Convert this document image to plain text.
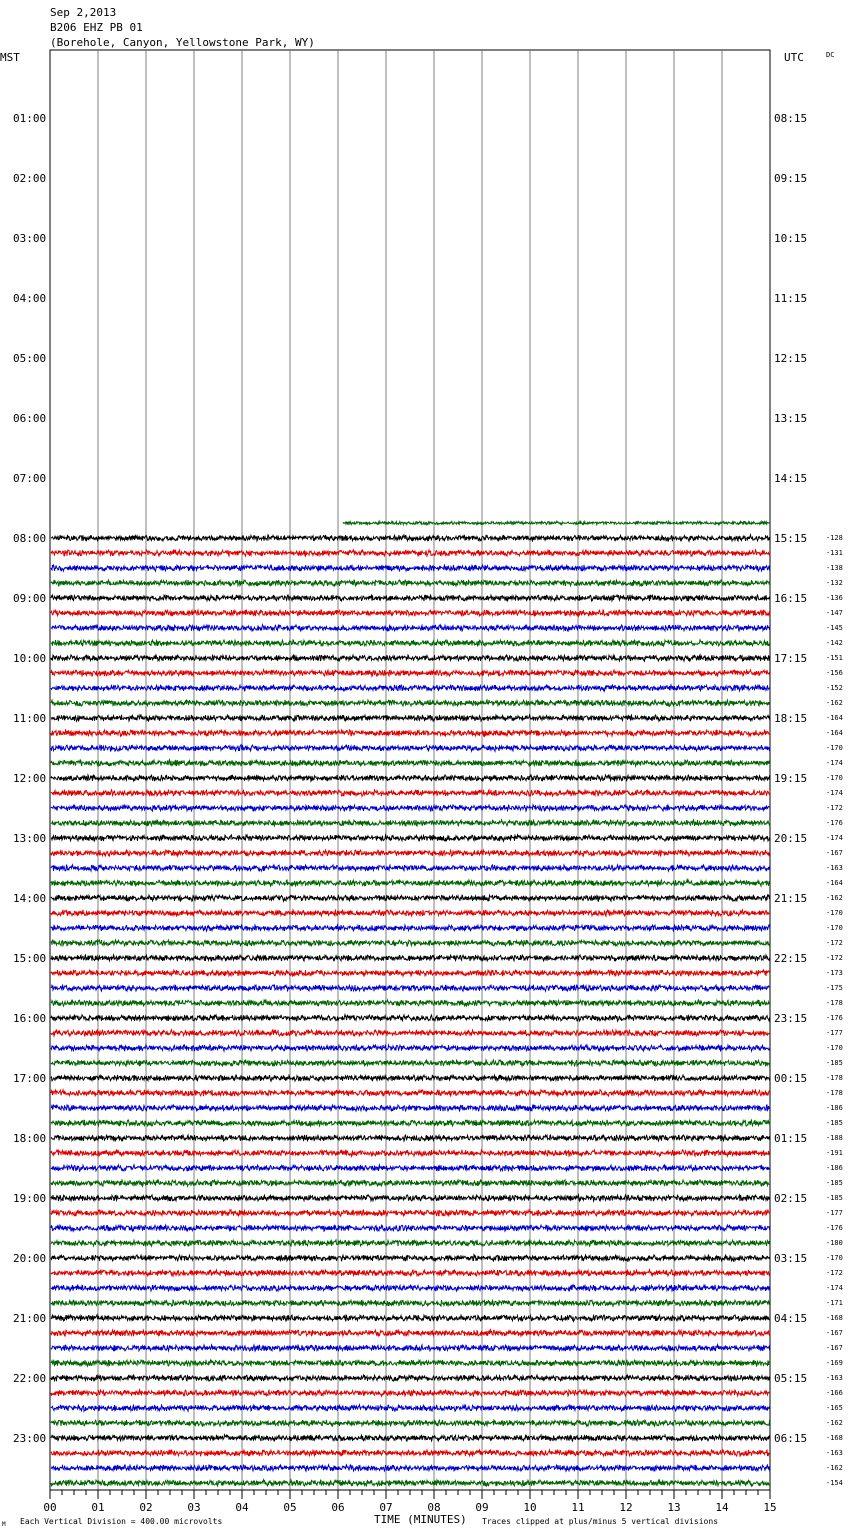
Sep 2,2013
B206 EHZ PB 01
(Borehole, Canyon, Yellowstone Park, WY)
MST	UTC	DC
01:00
02:00
03:00
04:00
05:00
06:00
07:00
08:00
09:00
10:00
11:00
12:00
13:00
14:00
15:00
16:00
17:00
18:00
19:00
20:00
21:00
22:00
23:00
08:15
09:15
10:15
11:15
12:15
13:15
14:15
15:15
16:15
17:15
18:15
19:15
20:15
21:15
22:15
23:15
00:15
01:15
02:15
03:15
04:15
05:15
06:15
-128
-131
-138
-132
-136
-147
-145
-142
-151
-156
-152
-162
-164
-164
-170
-174
-170
-174
-172
-176
-174
-167
-163
-164
-162
-170
-170
-172
-172
-173
-175
-178
-176
-177
-170
-185
-178
-178
-186
-185
-188
-191
-186
-185
-185
-177
-176
-180
-170
-172
-174
-171
-168
-167
-167
-169
-163
-166
-165
-162
-168
-163
-162
-154
00	01	02	03	04	05	06	07	08	09	10	11	12	13	14	15
TIME (MINUTES)
Each Vertical Division = 400.00 microvolts	Traces clipped at plus/minus 5 vertical divisions
M
